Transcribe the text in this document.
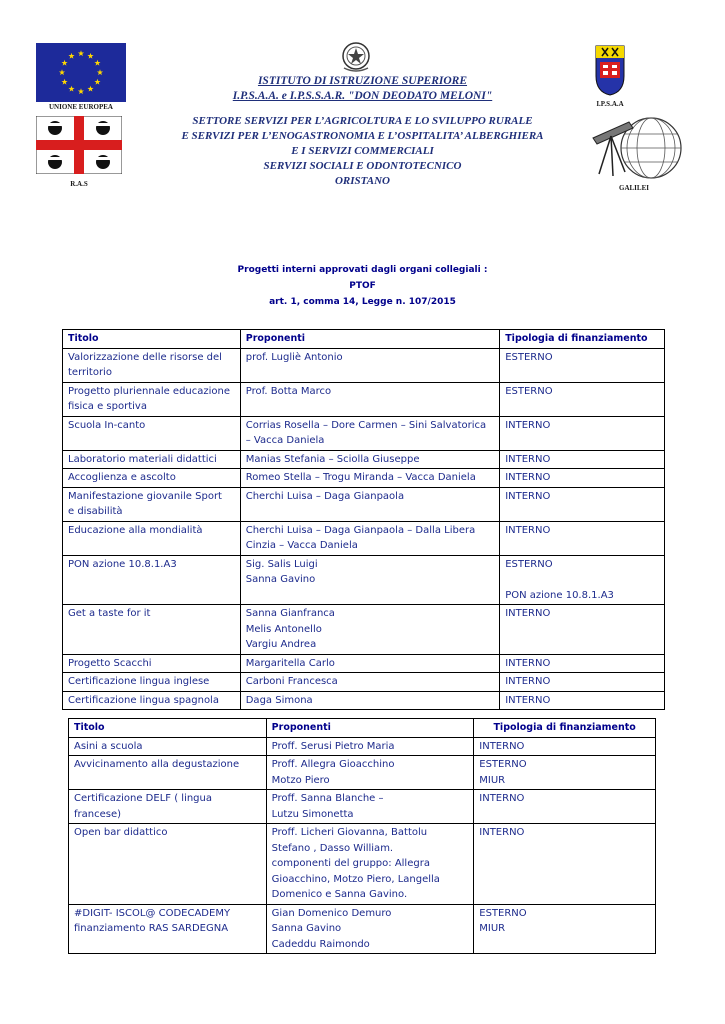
UNIONE EUROPEA
R.A.S
I.P.S.A.A
GALILEI
ISTITUTO DI ISTRUZIONE SUPERIORE
I.P.S.A.A. e I.P.S.S.A.R. "DON DEODATO MELONI"
SETTORE SERVIZI PER L’AGRICOLTURA E LO SVILUPPO RURALE
E SERVIZI PER L’ENOGASTRONOMIA E L’OSPITALITA’ ALBERGHIERA
E I SERVIZI COMMERCIALI
SERVIZI SOCIALI E ODONTOTECNICO
ORISTANO
Progetti interni approvati dagli organi collegiali :
PTOF
art. 1, comma 14, Legge n. 107/2015
Titolo	Proponenti	Tipologia di finanziamento

Valorizzazione delle risorse del
territorio	prof. Lugliè Antonio	ESTERNO

Progetto pluriennale educazione
fisica e sportiva	Prof. Botta Marco	ESTERNO

Scuola In-canto	Corrias Rosella – Dore Carmen – Sini Salvatorica
– Vacca Daniela	INTERNO

Laboratorio materiali didattici	Manias Stefania – Sciolla Giuseppe	INTERNO

Accoglienza e ascolto	Romeo Stella – Trogu Miranda – Vacca Daniela	INTERNO

Manifestazione giovanile Sport
e disabilità	Cherchi Luisa – Daga Gianpaola	INTERNO

Educazione alla mondialità	Cherchi Luisa – Daga Gianpaola – Dalla Libera
Cinzia – Vacca Daniela	INTERNO

PON azione 10.8.1.A3	Sig. Salis Luigi
Sanna Gavino	ESTERNO
PON azione 10.8.1.A3

Get a taste for it	Sanna Gianfranca
Melis Antonello
Vargiu Andrea	INTERNO

Progetto Scacchi	Margaritella Carlo	INTERNO

Certificazione lingua inglese	Carboni Francesca	INTERNO

Certificazione lingua spagnola	Daga Simona	INTERNO
Titolo	Proponenti	Tipologia di finanziamento

Asini a scuola	Proff. Serusi Pietro Maria	INTERNO

Avvicinamento alla degustazione	Proff. Allegra Gioacchino
Motzo Piero	ESTERNO
MIUR

Certificazione DELF ( lingua
francese)	Proff. Sanna Blanche –
Lutzu Simonetta	INTERNO

Open bar didattico	Proff. Licheri Giovanna, Battolu
Stefano , Dasso William.
componenti del gruppo: Allegra
Gioacchino, Motzo Piero, Langella
Domenico e Sanna Gavino.	INTERNO

#DIGIT- ISCOL@ CODECADEMY
finanziamento RAS SARDEGNA	Gian Domenico Demuro
Sanna Gavino
Cadeddu Raimondo	ESTERNO
MIUR
